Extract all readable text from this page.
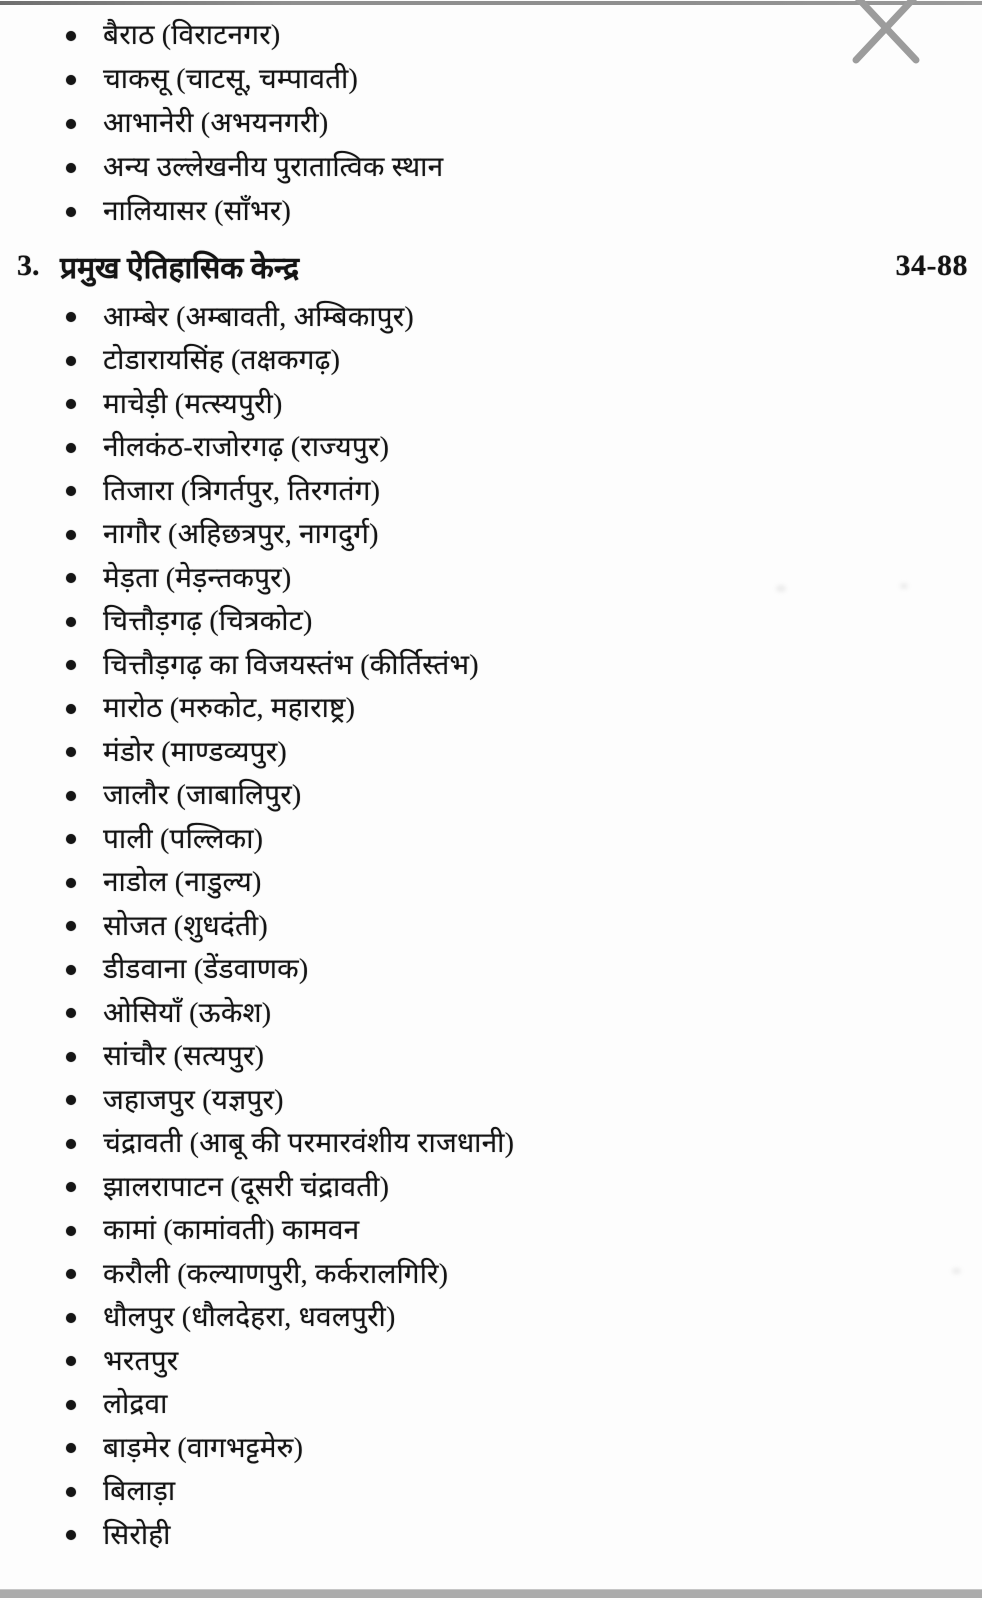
बैराठ (विराटनगर)
चाकसू (चाटसू, चम्पावती)
आभानेरी (अभयनगरी)
अन्य उल्लेखनीय पुरातात्विक स्थान
नालियासर (साँभर)
3. प्रमुख ऐतिहासिक केन्द्र	34-88
आम्बेर (अम्बावती, अम्बिकापुर)
टोडारायसिंह (तक्षकगढ़)
माचेड़ी (मत्स्यपुरी)
नीलकंठ-राजोरगढ़ (राज्यपुर)
तिजारा (त्रिगर्तपुर, तिरगतंग)
नागौर (अहिछत्रपुर, नागदुर्ग)
मेड़ता (मेड़न्तकपुर)
चित्तौड़गढ़ (चित्रकोट)
चित्तौड़गढ़ का विजयस्तंभ (कीर्तिस्तंभ)
मारोठ (मरुकोट, महाराष्ट्र)
मंडोर (माण्डव्यपुर)
जालौर (जाबालिपुर)
पाली (पल्लिका)
नाडोल (नाडुल्य)
सोजत (शुधदंती)
डीडवाना (डेंडवाणक)
ओसियाँ (ऊकेश)
सांचौर (सत्यपुर)
जहाजपुर (यज्ञपुर)
चंद्रावती (आबू की परमारवंशीय राजधानी)
झालरापाटन (दूसरी चंद्रावती)
कामां (कामांवती) कामवन
करौली (कल्याणपुरी, कर्करालगिरि)
धौलपुर (धौलदेहरा, धवलपुरी)
भरतपुर
लोद्रवा
बाड़मेर (वागभट्टमेरु)
बिलाड़ा
सिरोही
